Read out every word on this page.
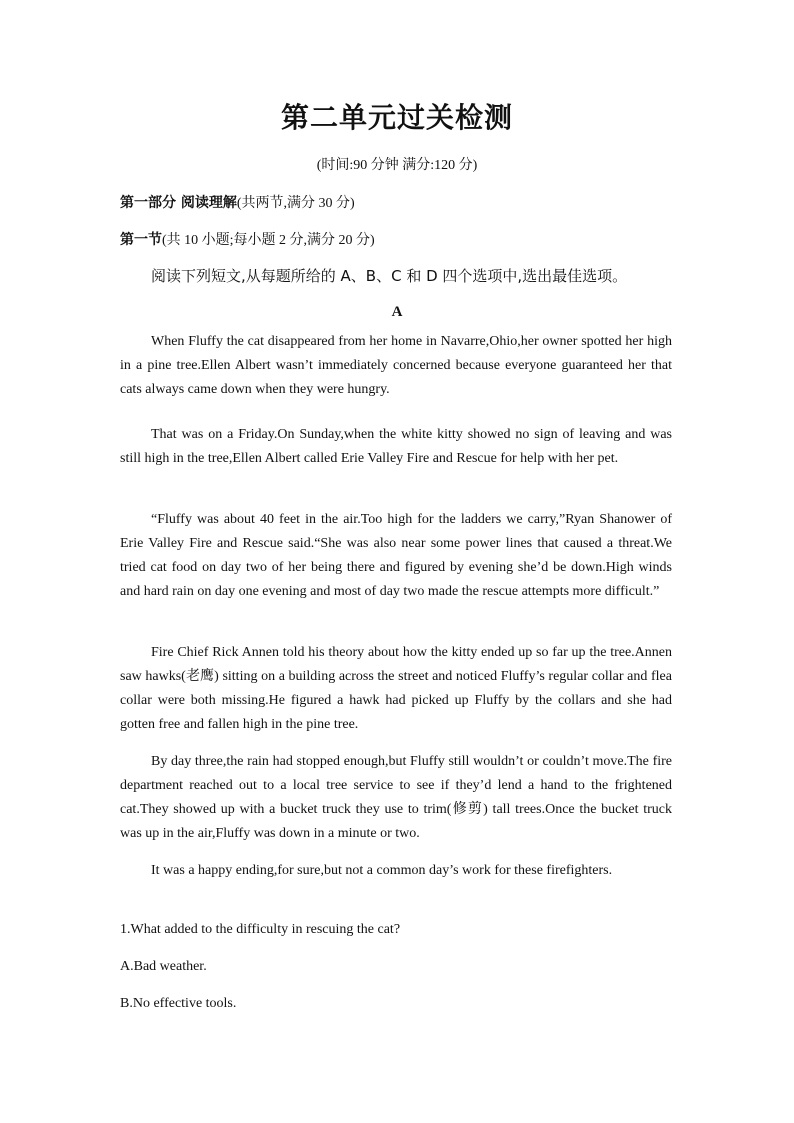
第二单元过关检测
(时间:90 分钟 满分:120 分)
第一部分 阅读理解(共两节,满分 30 分)
第一节(共 10 小题;每小题 2 分,满分 20 分)
阅读下列短文,从每题所给的 A、B、C 和 D 四个选项中,选出最佳选项。
A

When Fluffy the cat disappeared from her home in Navarre,Ohio,her owner spotted her high in a pine tree.Ellen Albert wasn’t immediately concerned because everyone guaranteed her that cats always came down when they were hungry.

That was on a Friday.On Sunday,when the white kitty showed no sign of leaving and was still high in the tree,Ellen Albert called Erie Valley Fire and Rescue for help with her pet.

“Fluffy was about 40 feet in the air.Too high for the ladders we carry,”Ryan Shanower of Erie Valley Fire and Rescue said.“She was also near some power lines that caused a threat.We tried cat food on day two of her being there and figured by evening she’d be down.High winds and hard rain on day one evening and most of day two made the rescue attempts more difficult.”

Fire Chief Rick Annen told his theory about how the kitty ended up so far up the tree.Annen saw hawks(老鹰) sitting on a building across the street and noticed Fluffy’s regular collar and flea collar were both missing.He figured a hawk had picked up Fluffy by the collars and she had gotten free and fallen high in the pine tree.

By day three,the rain had stopped enough,but Fluffy still wouldn’t or couldn’t move.The fire department reached out to a local tree service to see if they’d lend a hand to the frightened cat.They showed up with a bucket truck they use to trim(修剪) tall trees.Once the bucket truck was up in the air,Fluffy was down in a minute or two.

It was a happy ending,for sure,but not a common day’s work for these firefighters.

1.What added to the difficulty in rescuing the cat?
A.Bad weather.
B.No effective tools.
